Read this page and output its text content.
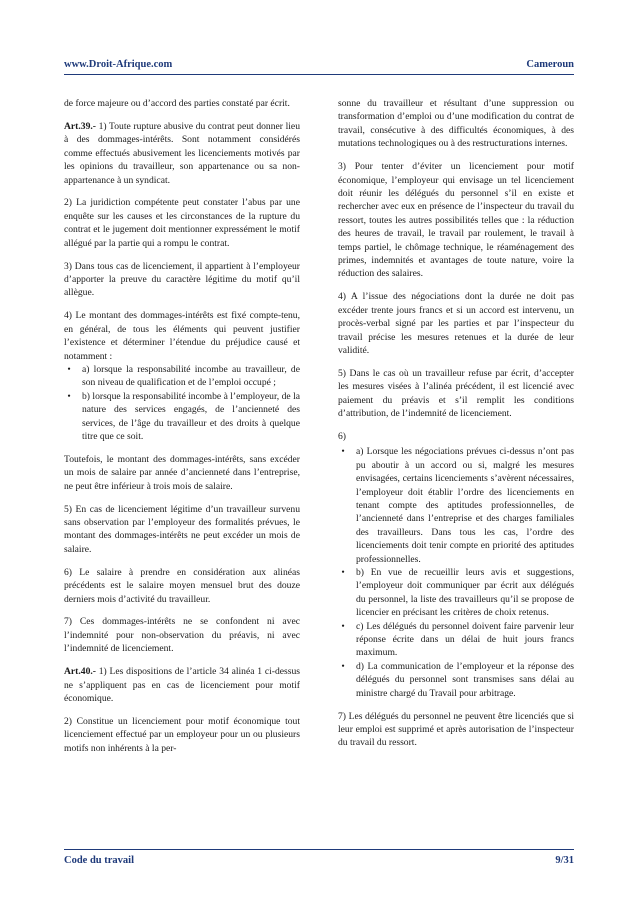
www.Droit-Afrique.com	Cameroun

de force majeure ou d’accord des parties constaté par écrit.

Art.39.- 1) Toute rupture abusive du contrat peut donner lieu à des dommages-intérêts. Sont notamment considérés comme effectués abusivement les licenciements motivés par les opinions du travailleur, son appartenance ou sa non-appartenance à un syndicat.

2) La juridiction compétente peut constater l’abus par une enquête sur les causes et les circonstances de la rupture du contrat et le jugement doit mentionner expressément le motif allégué par la partie qui a rompu le contrat.

3) Dans tous cas de licenciement, il appartient à l’employeur d’apporter la preuve du caractère légitime du motif qu’il allègue.

4) Le montant des dommages-intérêts est fixé compte-tenu, en général, de tous les éléments qui peuvent justifier l’existence et déterminer l’étendue du préjudice causé et notamment :

•	a) lorsque la responsabilité incombe au travailleur, de son niveau de qualification et de l’emploi occupé ;
•	b) lorsque la responsabilité incombe à l’employeur, de la nature des services engagés, de l’ancienneté des services, de l’âge du travailleur et des droits à quelque titre que ce soit.

Toutefois, le montant des dommages-intérêts, sans excéder un mois de salaire par année d’ancienneté dans l’entreprise, ne peut être inférieur à trois mois de salaire.

5) En cas de licenciement légitime d’un travailleur survenu sans observation par l’employeur des formalités prévues, le montant des dommages-intérêts ne peut excéder un mois de salaire.

6) Le salaire à prendre en considération aux alinéas précédents est le salaire moyen mensuel brut des douze derniers mois d’activité du travailleur.

7) Ces dommages-intérêts ne se confondent ni avec l’indemnité pour non-observation du préavis, ni avec l’indemnité de licenciement.

Art.40.- 1) Les dispositions de l’article 34 alinéa 1 ci-dessus ne s’appliquent pas en cas de licenciement pour motif économique.

2) Constitue un licenciement pour motif économique tout licenciement effectué par un employeur pour un ou plusieurs motifs non inhérents à la per-

sonne du travailleur et résultant d’une suppression ou transformation d’emploi ou d’une modification du contrat de travail, consécutive à des difficultés économiques, à des mutations technologiques ou à des restructurations internes.

3) Pour tenter d’éviter un licenciement pour motif économique, l’employeur qui envisage un tel licenciement doit réunir les délégués du personnel s’il en existe et rechercher avec eux en présence de l’inspecteur du travail du ressort, toutes les autres possibilités telles que : la réduction des heures de travail, le travail par roulement, le travail à temps partiel, le chômage technique, le réaménagement des primes, indemnités et avantages de toute nature, voire la réduction des salaires.

4) A l’issue des négociations dont la durée ne doit pas excéder trente jours francs et si un accord est intervenu, un procès-verbal signé par les parties et par l’inspecteur du travail précise les mesures retenues et la durée de leur validité.

5) Dans le cas où un travailleur refuse par écrit, d’accepter les mesures visées à l’alinéa précédent, il est licencié avec paiement du préavis et s’il remplit les conditions d’attribution, de l’indemnité de licenciement.

6)

•	a) Lorsque les négociations prévues ci-dessus n’ont pas pu aboutir à un accord ou si, malgré les mesures envisagées, certains licenciements s’avèrent nécessaires, l’employeur doit établir l’ordre des licenciements en tenant compte des aptitudes professionnelles, de l’ancienneté dans l’entreprise et des charges familiales des travailleurs. Dans tous les cas, l’ordre des licenciements doit tenir compte en priorité des aptitudes professionnelles.
•	b) En vue de recueillir leurs avis et suggestions, l’employeur doit communiquer par écrit aux délégués du personnel, la liste des travailleurs qu’il se propose de licencier en précisant les critères de choix retenus.
•	c) Les délégués du personnel doivent faire parvenir leur réponse écrite dans un délai de huit jours francs maximum.
•	d) La communication de l’employeur et la réponse des délégués du personnel sont transmises sans délai au ministre chargé du Travail pour arbitrage.

7) Les délégués du personnel ne peuvent être licenciés que si leur emploi est supprimé et après autorisation de l’inspecteur du travail du ressort.

Code du travail	9/31
